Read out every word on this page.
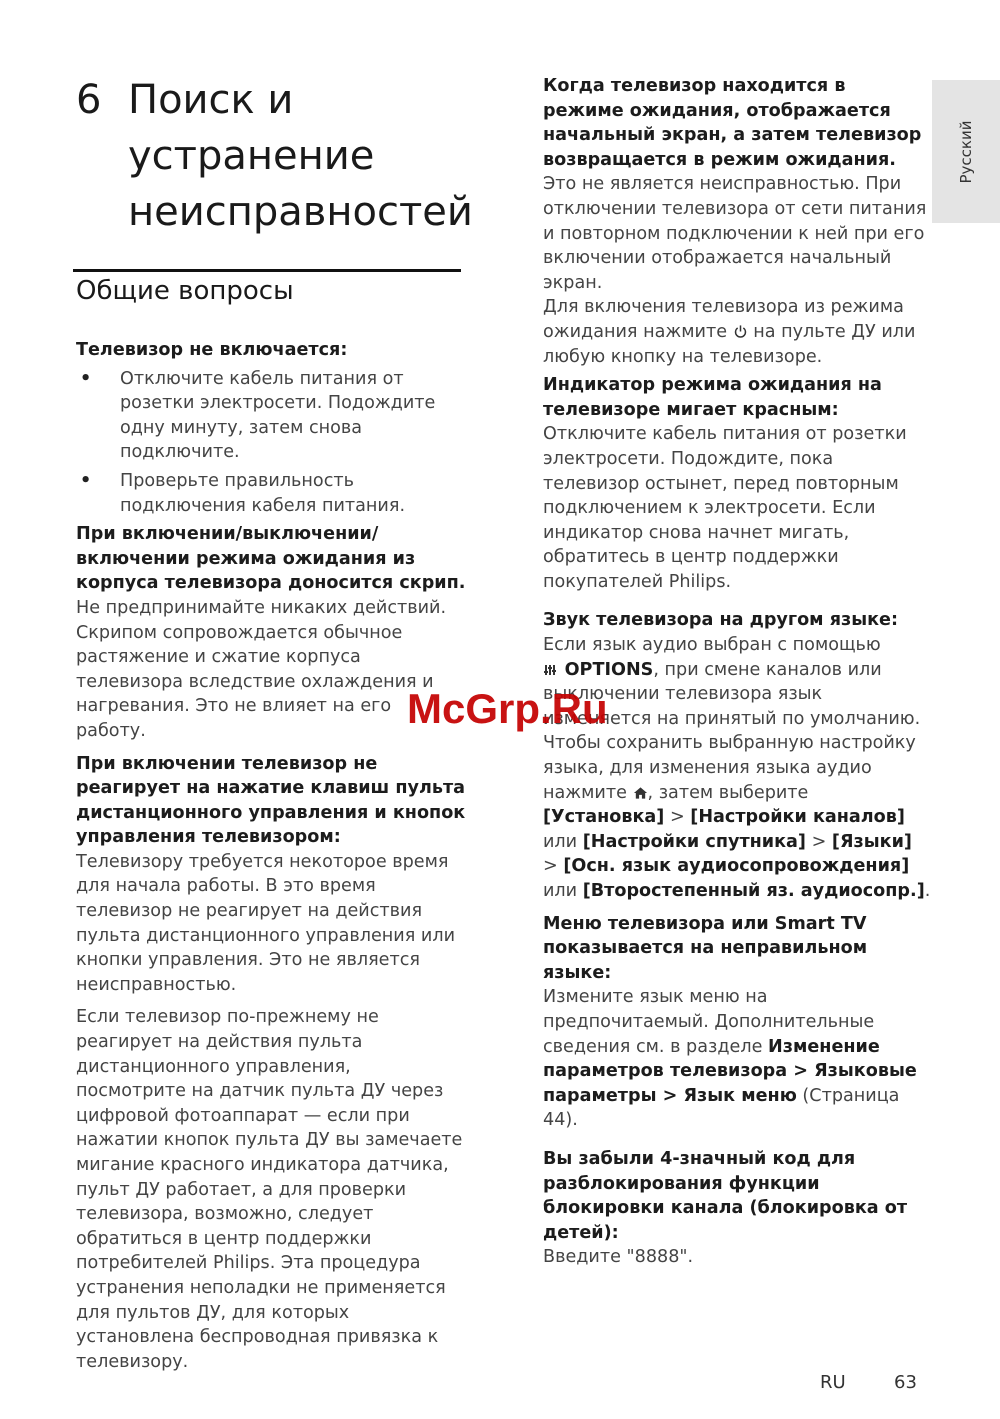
Русский
6 Поиск и устранение неисправностей
Общие вопросы
Телевизор не включается:
• Отключите кабель питания от розетки электросети. Подождите одну минуту, затем снова подключите.
• Проверьте правильность подключения кабеля питания.
При включении/выключении/включении режима ожидания из корпуса телевизора доносится скрип.
Не предпринимайте никаких действий. Скрипом сопровождается обычное растяжение и сжатие корпуса телевизора вследствие охлаждения и нагревания. Это не влияет на его работу.
При включении телевизор не реагирует на нажатие клавиш пульта дистанционного управления и кнопок управления телевизором:
Телевизору требуется некоторое время для начала работы. В это время телевизор не реагирует на действия пульта дистанционного управления или кнопки управления. Это не является неисправностью.
Если телевизор по-прежнему не реагирует на действия пульта дистанционного управления, посмотрите на датчик пульта ДУ через цифровой фотоаппарат — если при нажатии кнопок пульта ДУ вы замечаете мигание красного индикатора датчика, пульт ДУ работает, а для проверки телевизора, возможно, следует обратиться в центр поддержки потребителей Philips. Эта процедура устранения неполадки не применяется для пультов ДУ, для которых установлена беспроводная привязка к телевизору.
Когда телевизор находится в режиме ожидания, отображается начальный экран, а затем телевизор возвращается в режим ожидания.
Это не является неисправностью. При отключении телевизора от сети питания и повторном подключении к ней при его включении отображается начальный экран.
Для включения телевизора из режима ожидания нажмите на пульте ДУ или любую кнопку на телевизоре.
Индикатор режима ожидания на телевизоре мигает красным:
Отключите кабель питания от розетки электросети. Подождите, пока телевизор остынет, перед повторным подключением к электросети. Если индикатор снова начнет мигать, обратитесь в центр поддержки покупателей Philips.
Звук телевизора на другом языке:
Если язык аудио выбран с помощью
OPTIONS, при смене каналов или выключении телевизора язык изменяется на принятый по умолчанию. Чтобы сохранить выбранную настройку языка, для изменения языка аудио нажмите , затем выберите [Установка] > [Настройки каналов] или [Настройки спутника] > [Языки] > [Осн. язык аудиосопровождения] или [Второстепенный яз. аудиосопр.].
Меню телевизора или Smart TV показывается на неправильном языке:
Измените язык меню на предпочитаемый. Дополнительные сведения см. в разделе Изменение параметров телевизора > Языковые параметры > Язык меню (Страница 44).
Вы забыли 4-значный код для разблокирования функции блокировки канала (блокировка от детей):
Введите "8888".
McGrp.Ru
RU	63
